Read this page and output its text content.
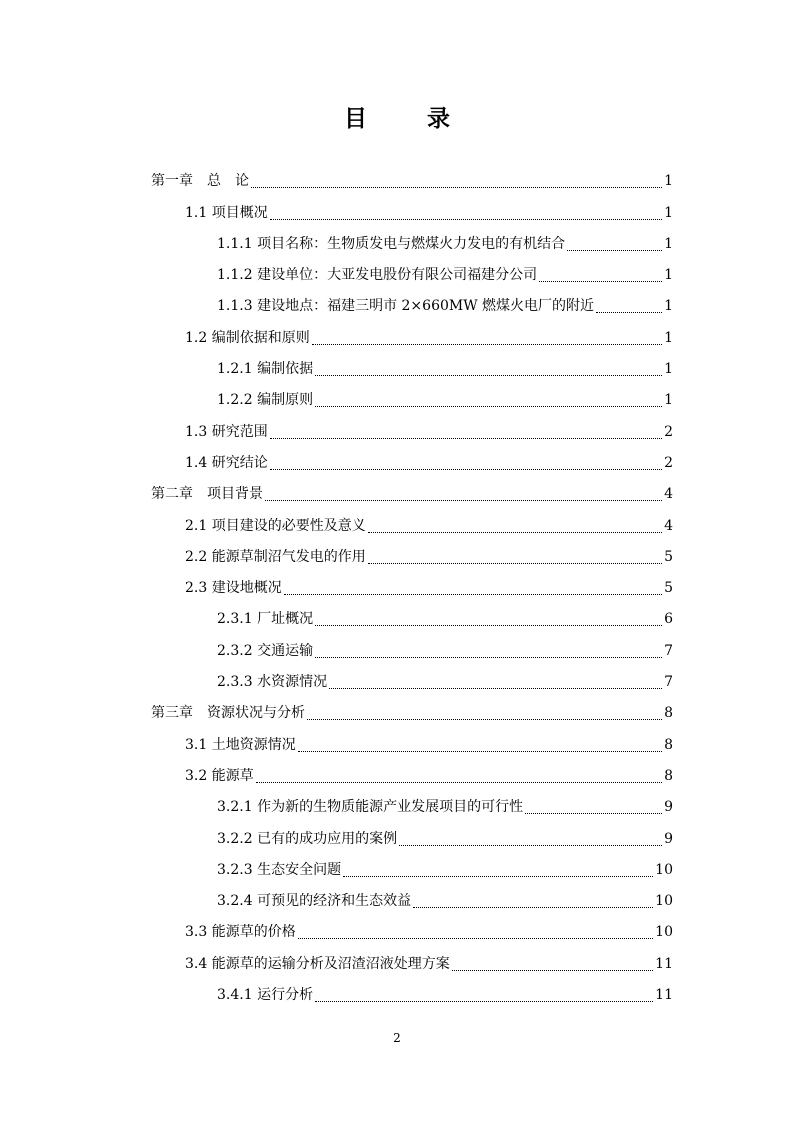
目 录
第一章　总　论	1
1.1 项目概况	1
1.1.1 项目名称：生物质发电与燃煤火力发电的有机结合	1
1.1.2 建设单位：大亚发电股份有限公司福建分公司	1
1.1.3 建设地点：福建三明市 2×660MW 燃煤火电厂的附近	1
1.2 编制依据和原则	1
1.2.1 编制依据	1
1.2.2 编制原则	1
1.3 研究范围	2
1.4 研究结论	2
第二章　项目背景	4
2.1 项目建设的必要性及意义	4
2.2 能源草制沼气发电的作用	5
2.3 建设地概况	5
2.3.1 厂址概况	6
2.3.2 交通运输	7
2.3.3 水资源情况	7
第三章　资源状况与分析	8
3.1 土地资源情况	8
3.2 能源草	8
3.2.1 作为新的生物质能源产业发展项目的可行性	9
3.2.2 已有的成功应用的案例	9
3.2.3 生态安全问题	10
3.2.4 可预见的经济和生态效益	10
3.3 能源草的价格	10
3.4 能源草的运输分析及沼渣沼液处理方案	11
3.4.1 运行分析	11
2
